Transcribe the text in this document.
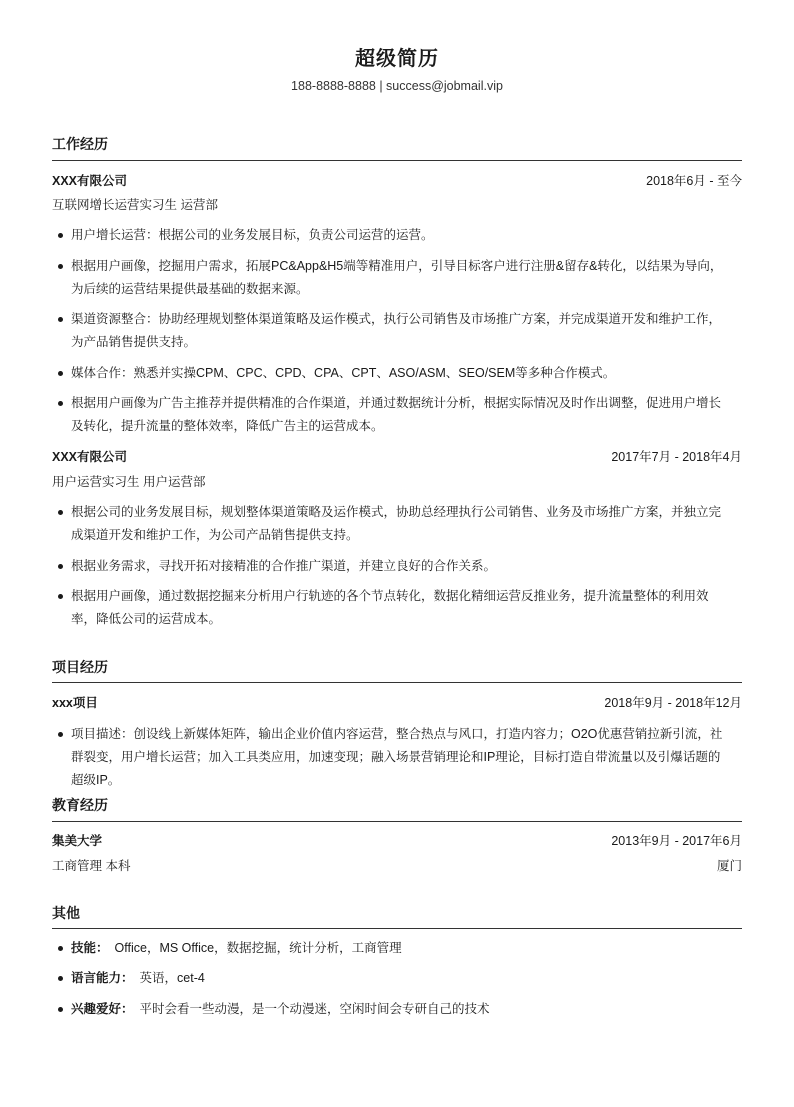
超级简历
188-8888-8888 | success@jobmail.vip
工作经历
XXX有限公司	2018年6月 - 至今
互联网增长运营实习生 运营部
用户增长运营：根据公司的业务发展目标，负责公司运营的运营。
根据用户画像，挖掘用户需求，拓展PC&App&H5端等精准用户，引导目标客户进行注册&留存&转化，以结果为导向，为后续的运营结果提供最基础的数据来源。
渠道资源整合：协助经理规划整体渠道策略及运作模式，执行公司销售及市场推广方案，并完成渠道开发和维护工作，为产品销售提供支持。
媒体合作：熟悉并实操CPM、CPC、CPD、CPA、CPT、ASO/ASM、SEO/SEM等多种合作模式。
根据用户画像为广告主推荐并提供精准的合作渠道，并通过数据统计分析，根据实际情况及时作出调整，促进用户增长及转化，提升流量的整体效率，降低广告主的运营成本。
XXX有限公司	2017年7月 - 2018年4月
用户运营实习生 用户运营部
根据公司的业务发展目标，规划整体渠道策略及运作模式，协助总经理执行公司销售、业务及市场推广方案，并独立完成渠道开发和维护工作，为公司产品销售提供支持。
根据业务需求，寻找开拓对接精准的合作推广渠道，并建立良好的合作关系。
根据用户画像，通过数据挖掘来分析用户行轨迹的各个节点转化，数据化精细运营反推业务，提升流量整体的利用效率，降低公司的运营成本。
项目经历
xxx项目	2018年9月 - 2018年12月
项目描述：创设线上新媒体矩阵，输出企业价值内容运营，整合热点与风口，打造内容力；O2O优惠营销拉新引流，社群裂变，用户增长运营；加入工具类应用，加速变现；融入场景营销理论和IP理论，目标打造自带流量以及引爆话题的超级IP。
教育经历
集美大学	2013年9月 - 2017年6月
工商管理 本科	厦门
其他
技能： Office，MS Office，数据挖掘，统计分析，工商管理
语言能力： 英语，cet-4
兴趣爱好： 平时会看一些动漫，是一个动漫迷，空闲时间会专研自己的技术
